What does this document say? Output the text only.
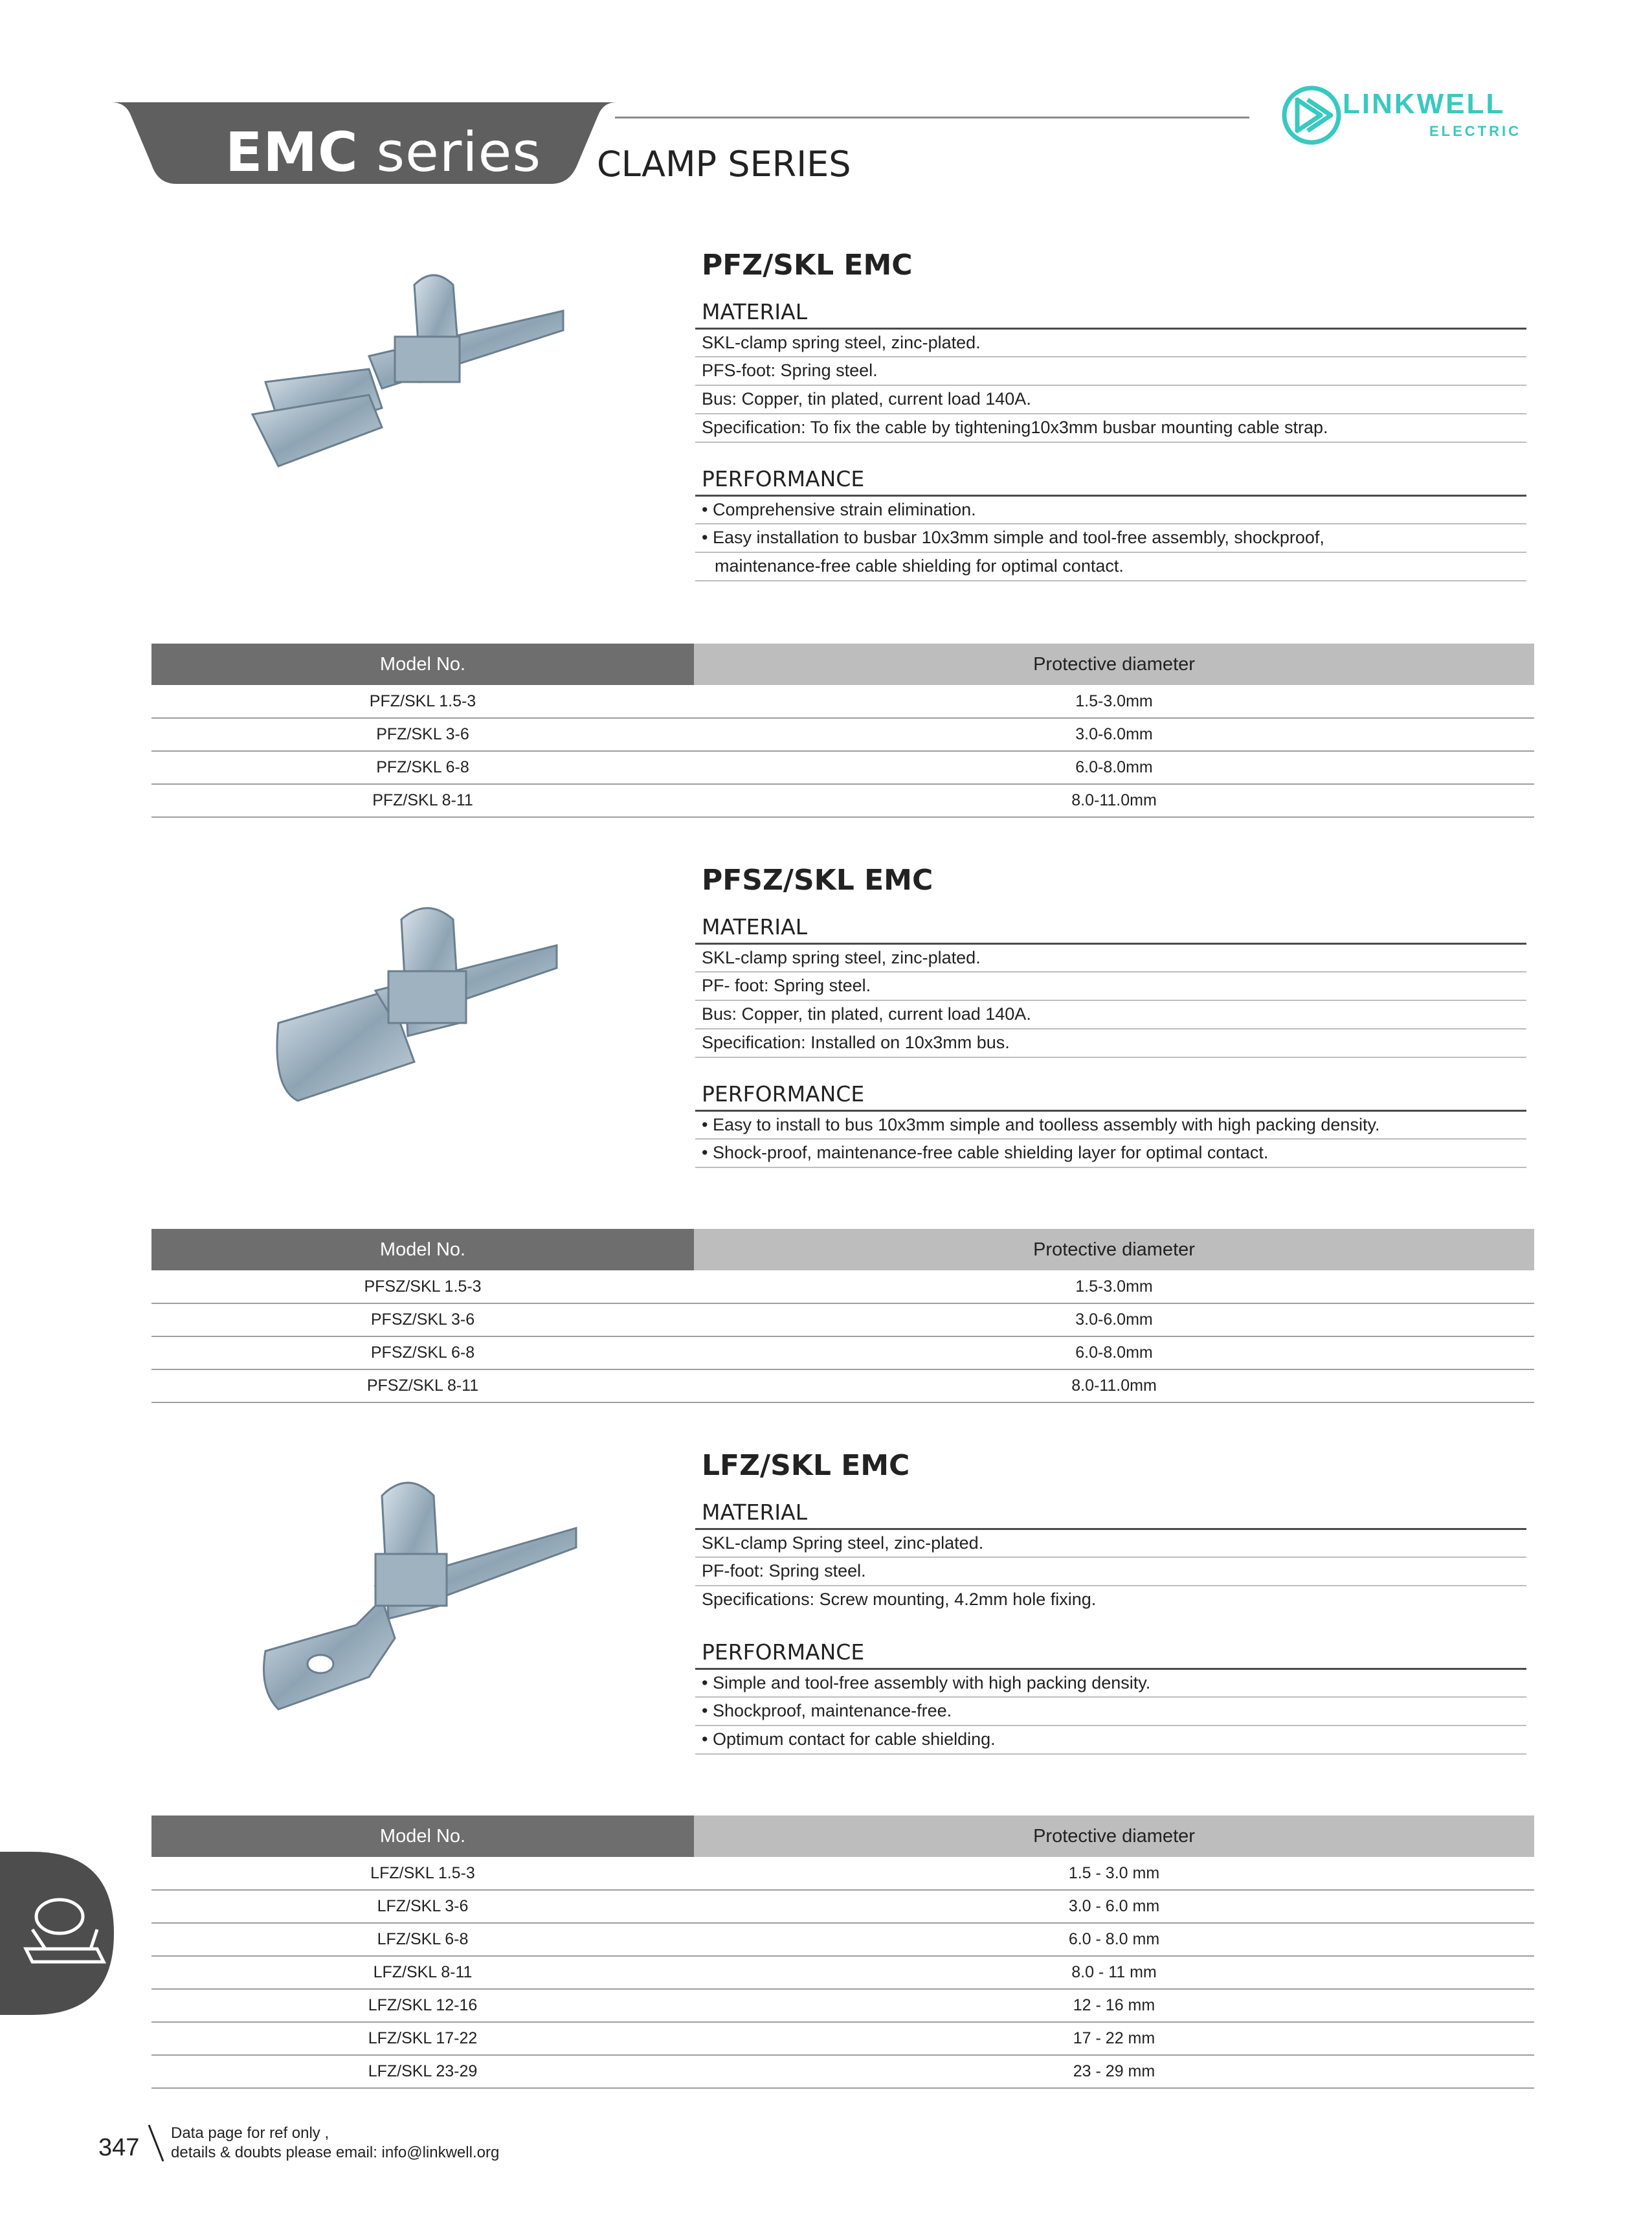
EMC series CLAMP SERIES
LINKWELL
ELECTRIC
PFZ/SKL EMC
MATERIAL
SKL-clamp spring steel, zinc-plated.
PFS-foot: Spring steel.
Bus: Copper, tin plated, current load 140A.
Specification: To fix the cable by tightening10x3mm busbar mounting cable strap.
PERFORMANCE
• Comprehensive strain elimination.
• Easy installation to busbar 10x3mm simple and tool-free assembly, shockproof,
maintenance-free cable shielding for optimal contact.
Model No.	Protective diameter
PFZ/SKL 1.5-3	1.5-3.0mm
PFZ/SKL 3-6	3.0-6.0mm
PFZ/SKL 6-8	6.0-8.0mm
PFZ/SKL 8-11	8.0-11.0mm
PFSZ/SKL EMC
MATERIAL
SKL-clamp spring steel, zinc-plated.
PF- foot: Spring steel.
Bus: Copper, tin plated, current load 140A.
Specification: Installed on 10x3mm bus.
PERFORMANCE
• Easy to install to bus 10x3mm simple and toolless assembly with high packing density.
• Shock-proof, maintenance-free cable shielding layer for optimal contact.
Model No.	Protective diameter
PFSZ/SKL 1.5-3	1.5-3.0mm
PFSZ/SKL 3-6	3.0-6.0mm
PFSZ/SKL 6-8	6.0-8.0mm
PFSZ/SKL 8-11	8.0-11.0mm
LFZ/SKL EMC
MATERIAL
SKL-clamp Spring steel, zinc-plated.
PF-foot: Spring steel.
Specifications: Screw mounting, 4.2mm hole fixing.
PERFORMANCE
• Simple and tool-free assembly with high packing density.
• Shockproof, maintenance-free.
• Optimum contact for cable shielding.
Model No.	Protective diameter
LFZ/SKL 1.5-3	1.5 - 3.0 mm
LFZ/SKL 3-6	3.0 - 6.0 mm
LFZ/SKL 6-8	6.0 - 8.0 mm
LFZ/SKL 8-11	8.0 - 11 mm
LFZ/SKL 12-16	12 - 16 mm
LFZ/SKL 17-22	17 - 22 mm
LFZ/SKL 23-29	23 - 29 mm
347
Data page for ref only ,
details & doubts please email: info@linkwell.org
